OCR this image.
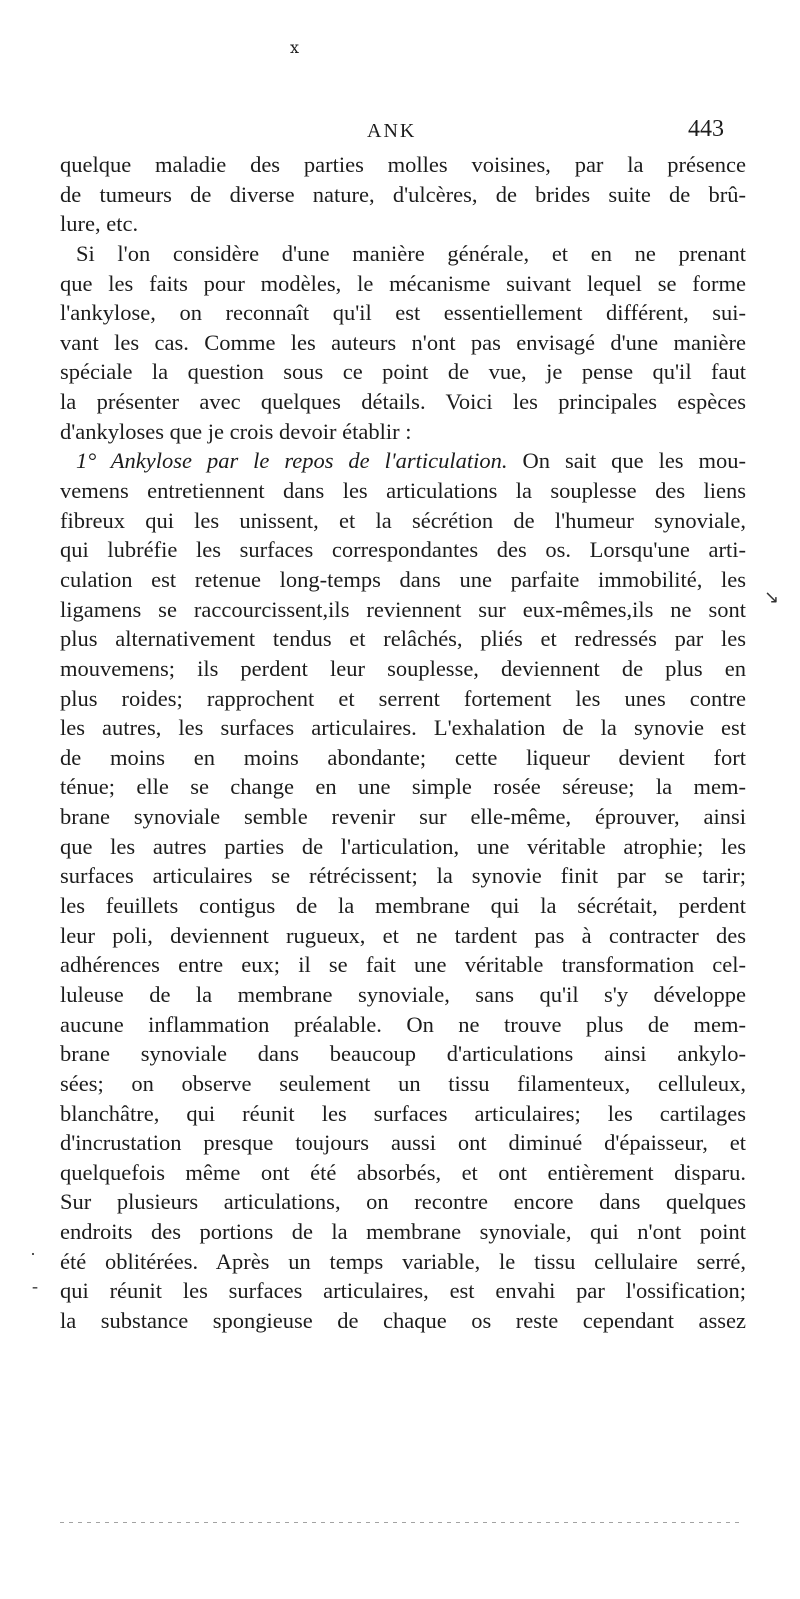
x
ANK	443
quelque maladie des parties molles voisines, par la présence
de tumeurs de diverse nature, d'ulcères, de brides suite de brû-
lure, etc.
Si l'on considère d'une manière générale, et en ne prenant
que les faits pour modèles, le mécanisme suivant lequel se forme
l'ankylose, on reconnaît qu'il est essentiellement différent, sui-
vant les cas. Comme les auteurs n'ont pas envisagé d'une manière
spéciale la question sous ce point de vue, je pense qu'il faut
la présenter avec quelques détails. Voici les principales espèces
d'ankyloses que je crois devoir établir :
1° Ankylose par le repos de l'articulation. On sait que les mou-
vemens entretiennent dans les articulations la souplesse des liens
fibreux qui les unissent, et la sécrétion de l'humeur synoviale,
qui lubréfie les surfaces correspondantes des os. Lorsqu'une arti-
culation est retenue long-temps dans une parfaite immobilité, les
ligamens se raccourcissent,ils reviennent sur eux-mêmes,ils ne sont
plus alternativement tendus et relâchés, pliés et redressés par les
mouvemens; ils perdent leur souplesse, deviennent de plus en
plus roides; rapprochent et serrent fortement les unes contre
les autres, les surfaces articulaires. L'exhalation de la synovie est
de moins en moins abondante; cette liqueur devient fort
ténue; elle se change en une simple rosée séreuse; la mem-
brane synoviale semble revenir sur elle-même, éprouver, ainsi
que les autres parties de l'articulation, une véritable atrophie; les
surfaces articulaires se rétrécissent; la synovie finit par se tarir;
les feuillets contigus de la membrane qui la sécrétait, perdent
leur poli, deviennent rugueux, et ne tardent pas à contracter des
adhérences entre eux; il se fait une véritable transformation cel-
luleuse de la membrane synoviale, sans qu'il s'y développe
aucune inflammation préalable. On ne trouve plus de mem-
brane synoviale dans beaucoup d'articulations ainsi ankylo-
sées; on observe seulement un tissu filamenteux, celluleux,
blanchâtre, qui réunit les surfaces articulaires; les cartilages
d'incrustation presque toujours aussi ont diminué d'épaisseur, et
quelquefois même ont été absorbés, et ont entièrement disparu.
Sur plusieurs articulations, on recontre encore dans quelques
endroits des portions de la membrane synoviale, qui n'ont point
été oblitérées. Après un temps variable, le tissu cellulaire serré,
qui réunit les surfaces articulaires, est envahi par l'ossification;
la substance spongieuse de chaque os reste cependant assez
↘
·
-
